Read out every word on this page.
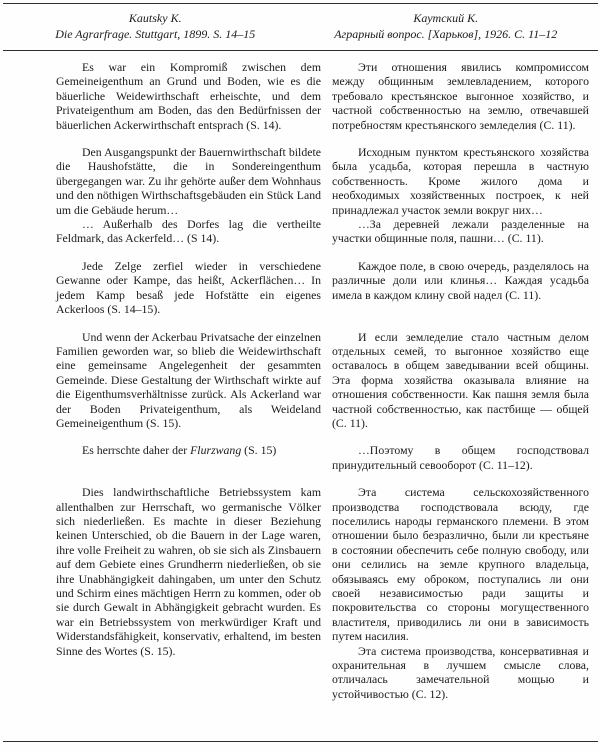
Kautsky K.
Die Agrarfrage. Stuttgart, 1899. S. 14–15
Каутский К.
Аграрный вопрос. [Харьков], 1926. С. 11–12

Es war ein Kompromiß zwischen dem Gemeineigenthum an Grund und Boden, wie es die bäuerliche Weidewirthschaft erheischte, und dem Privateigenthum am Boden, das den Bedürfnissen der bäuerlichen Ackerwirthschaft entsprach (S. 14).

Эти отношения явились компромиссом между общинным землевладением, которого требовало крестьянское выгонное хозяйство, и частной собственностью на землю, отвечавшей потребностям крестьянского земледелия (С. 11).

Den Ausgangspunkt der Bauernwirthschaft bildete die Haushofstätte, die in Sondereingenthum übergegangen war. Zu ihr gehörte außer dem Wohnhaus und den nöthigen Wirthschaftsgebäuden ein Stück Land um die Gebäude herum…

… Außerhalb des Dorfes lag die vertheilte Feldmark, das Ackerfeld… (S 14).

Исходным пунктом крестьянского хозяйства была усадьба, которая перешла в частную собственность. Кроме жилого дома и необходимых хозяйственных построек, к ней принадлежал участок земли вокруг них…

…За деревней лежали разделенные на участки общинные поля, пашни… (С. 11).

Jede Zelge zerfiel wieder in verschiedene Gewanne oder Kampe, das heißt, Ackerflächen… In jedem Kamp besaß jede Hofstätte ein eigenes Ackerloos (S. 14–15).

Каждое поле, в свою очередь, разделялось на различные доли или клинья… Каждая усадьба имела в каждом клину свой надел (С. 11).

Und wenn der Ackerbau Privatsache der einzelnen Familien geworden war, so blieb die Weidewirthschaft eine gemeinsame Angelegenheit der gesammten Gemeinde. Diese Gestaltung der Wirthschaft wirkte auf die Eigenthumsverhältnisse zurück. Als Ackerland war der Boden Privateigenthum, als Weideland Gemeineigenthum (S. 15).

И если земледелие стало частным делом отдельных семей, то выгонное хозяйство еще оставалось в общем заведывании всей общины. Эта форма хозяйства оказывала влияние на отношения собственности. Как пашня земля была частной собственностью, как пастбище — общей (С. 11).

Es herrschte daher der Flurzwang (S. 15)	…Поэтому в общем господствовал принудительный севооборот (С. 11–12).

Dies landwirthschaftliche Betriebssystem kam allenthalben zur Herrschaft, wo germanische Völker sich niederließen. Es machte in dieser Beziehung keinen Unterschied, ob die Bauern in der Lage waren, ihre volle Freiheit zu wahren, ob sie sich als Zinsbauern auf dem Gebiete eines Grundherrn niederließen, ob sie ihre Unabhängigkeit dahingaben, um unter den Schutz und Schirm eines mächtigen Herrn zu kommen, oder ob sie durch Gewalt in Abhängigkeit gebracht wurden. Es war ein Betriebssystem von merkwürdiger Kraft und Widerstandsfähigkeit, konservativ, erhaltend, im besten Sinne des Wortes (S. 15).

Эта система сельскохозяйственного производства господствовала всюду, где поселились народы германского племени. В этом отношении было безразлично, были ли крестьяне в состоянии обеспечить себе полную свободу, или они селились на земле крупного владельца, обязываясь ему оброком, поступались ли они своей независимостью ради защиты и покровительства со стороны могущественного властителя, приводились ли они в зависимость путем насилия.

Эта система производства, консервативная и охранительная в лучшем смысле слова, отличалась замечательной мощью и устойчивостью (С. 12).
